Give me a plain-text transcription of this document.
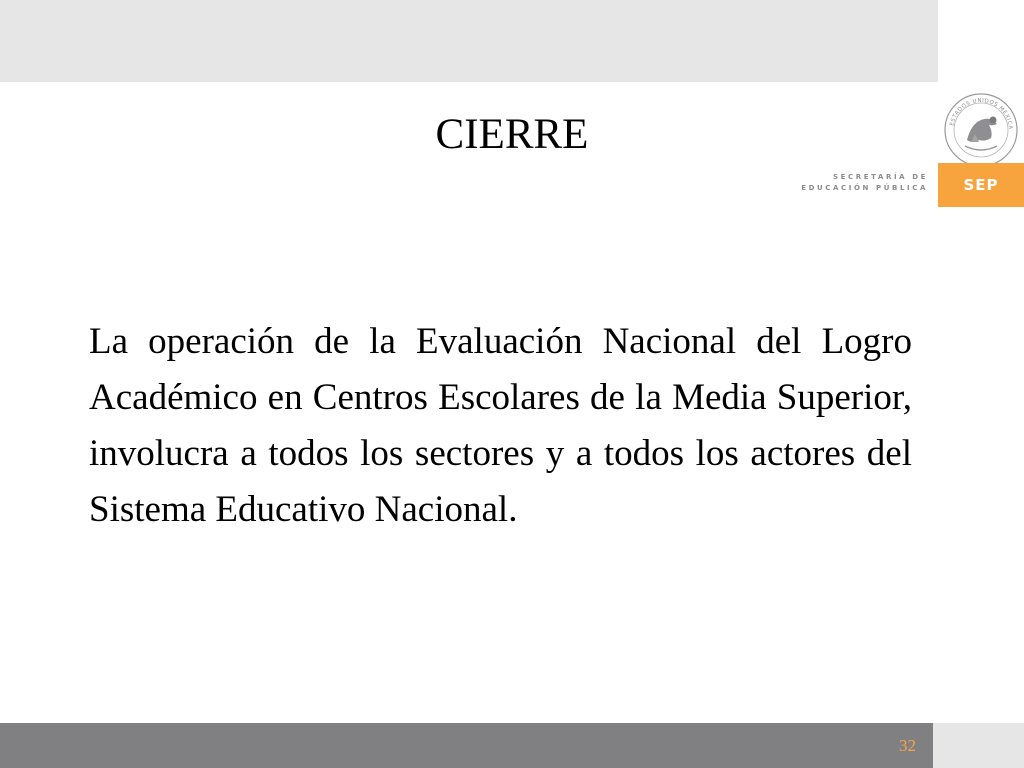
ESTADOS UNIDOS MEXICA
SECRETARÍA DE
EDUCACIÓN PÚBLICA	SEP
CIERRE
La operación de la Evaluación Nacional del Logro Académico en Centros Escolares de la Media Superior, involucra a todos los sectores y a todos los actores del Sistema Educativo Nacional.
32
